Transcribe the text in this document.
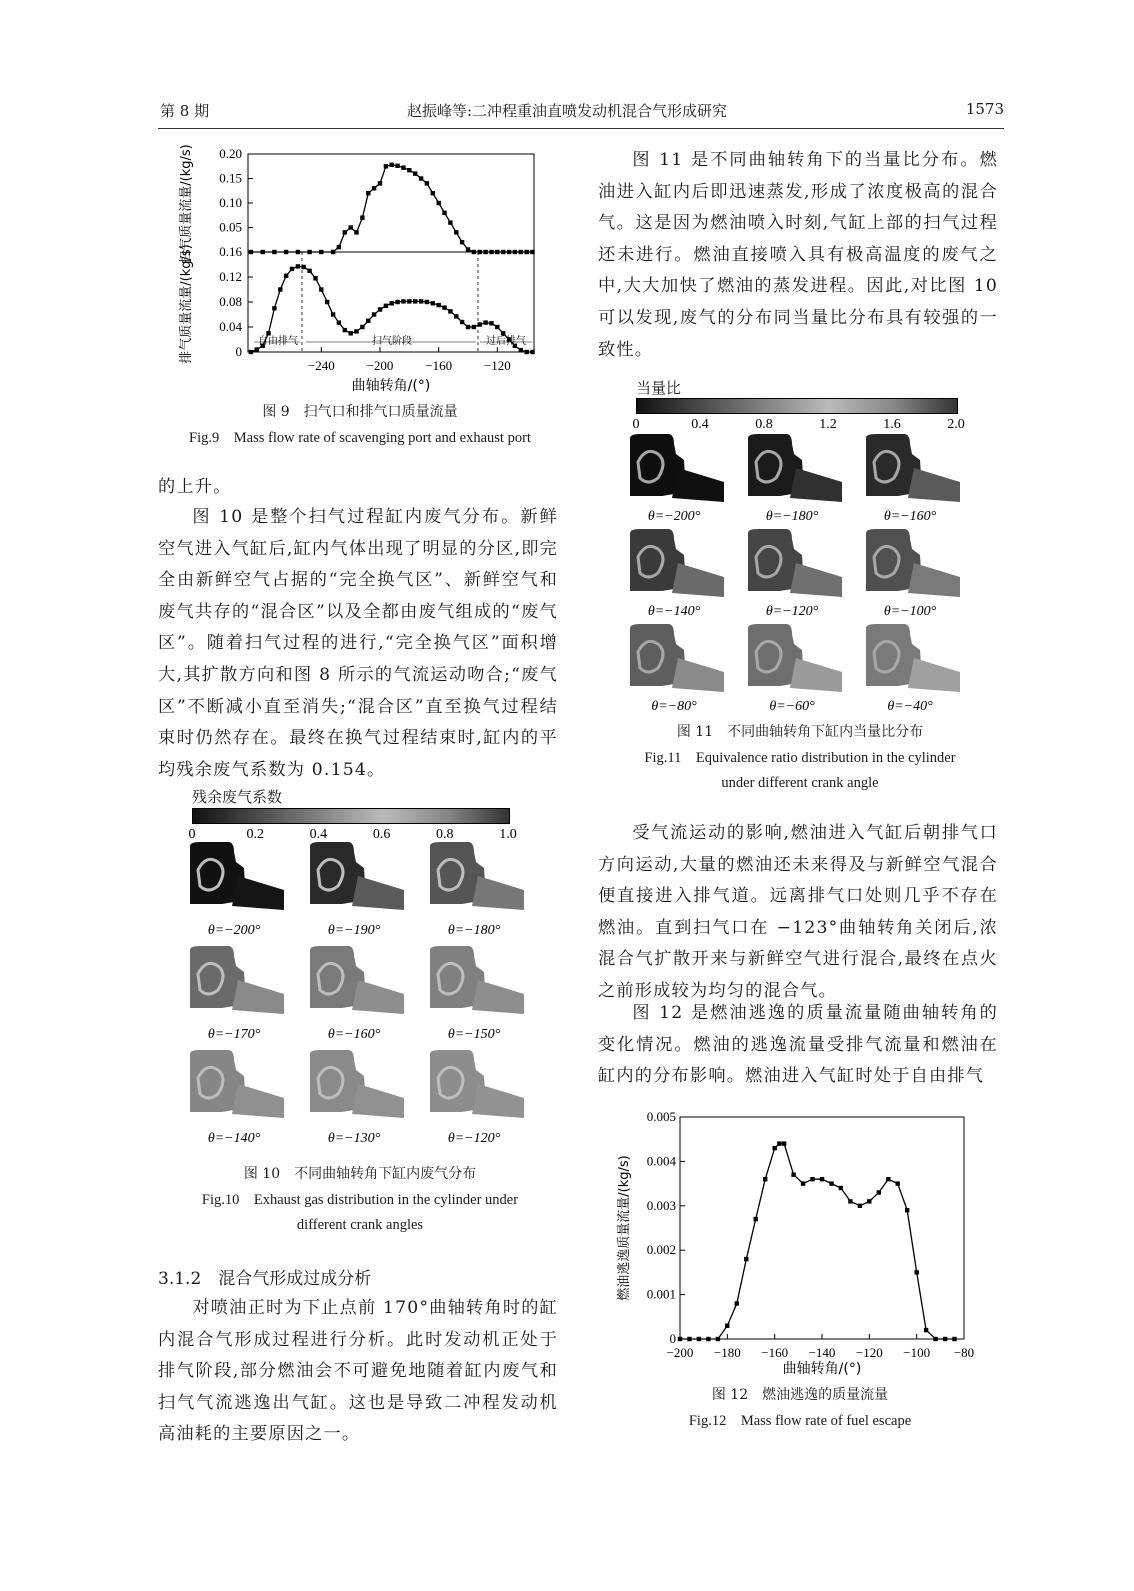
第 8 期	赵振峰等:二冲程重油直喷发动机混合气形成研究	1573
0.20
0.15
0.10
0.05
0.16
0.12
0.08
0.04
0
−240 −200 −160 −120
自由排气	扫气阶段	过后排气
扫气质量流量/(kg/s)
排气质量流量/(kg/s)
曲轴转角/(°)
图 9　扫气口和排气口质量流量
Fig.9　Mass flow rate of scavenging port and exhaust port

的上升。

图 10 是整个扫气过程缸内废气分布。新鲜空气进入气缸后,缸内气体出现了明显的分区,即完全由新鲜空气占据的“完全换气区”、新鲜空气和废气共存的“混合区”以及全都由废气组成的“废气区”。随着扫气过程的进行,“完全换气区”面积增大,其扩散方向和图 8 所示的气流运动吻合;“废气区”不断减小直至消失;“混合区”直至换气过程结束时仍然存在。最终在换气过程结束时,缸内的平均残余废气系数为 0.154。

残余废气系数
0	0.2	0.4	0.6	0.8	1.0
θ=−200°	θ=−190°	θ=−180°
θ=−170°	θ=−160°	θ=−150°
θ=−140°	θ=−130°	θ=−120°
图 10　不同曲轴转角下缸内废气分布
Fig.10　Exhaust gas distribution in the cylinder under
different crank angles
3.1.2　混合气形成过成分析

对喷油正时为下止点前 170°曲轴转角时的缸内混合气形成过程进行分析。此时发动机正处于排气阶段,部分燃油会不可避免地随着缸内废气和扫气气流逃逸出气缸。这也是导致二冲程发动机高油耗的主要原因之一。

图 11 是不同曲轴转角下的当量比分布。燃油进入缸内后即迅速蒸发,形成了浓度极高的混合气。这是因为燃油喷入时刻,气缸上部的扫气过程还未进行。燃油直接喷入具有极高温度的废气之中,大大加快了燃油的蒸发进程。因此,对比图 10 可以发现,废气的分布同当量比分布具有较强的一致性。

当量比
0	0.4	0.8	1.2	1.6	2.0
θ=−200°	θ=−180°	θ=−160°
θ=−140°	θ=−120°	θ=−100°
θ=−80°	θ=−60°	θ=−40°
图 11　不同曲轴转角下缸内当量比分布
Fig.11　Equivalence ratio distribution in the cylinder
under different crank angle

受气流运动的影响,燃油进入气缸后朝排气口方向运动,大量的燃油还未来得及与新鲜空气混合便直接进入排气道。远离排气口处则几乎不存在燃油。直到扫气口在 −123°曲轴转角关闭后,浓混合气扩散开来与新鲜空气进行混合,最终在点火之前形成较为均匀的混合气。

图 12 是燃油逃逸的质量流量随曲轴转角的变化情况。燃油的逃逸流量受排气流量和燃油在缸内的分布影响。燃油进入气缸时处于自由排气

0
0.001
0.002
0.003
0.004
0.005
−200 −180 −160 −140 −120 −100 −80
燃油逃逸质量流量/(kg/s)
曲轴转角/(°)
图 12　燃油逃逸的质量流量
Fig.12　Mass flow rate of fuel escape
